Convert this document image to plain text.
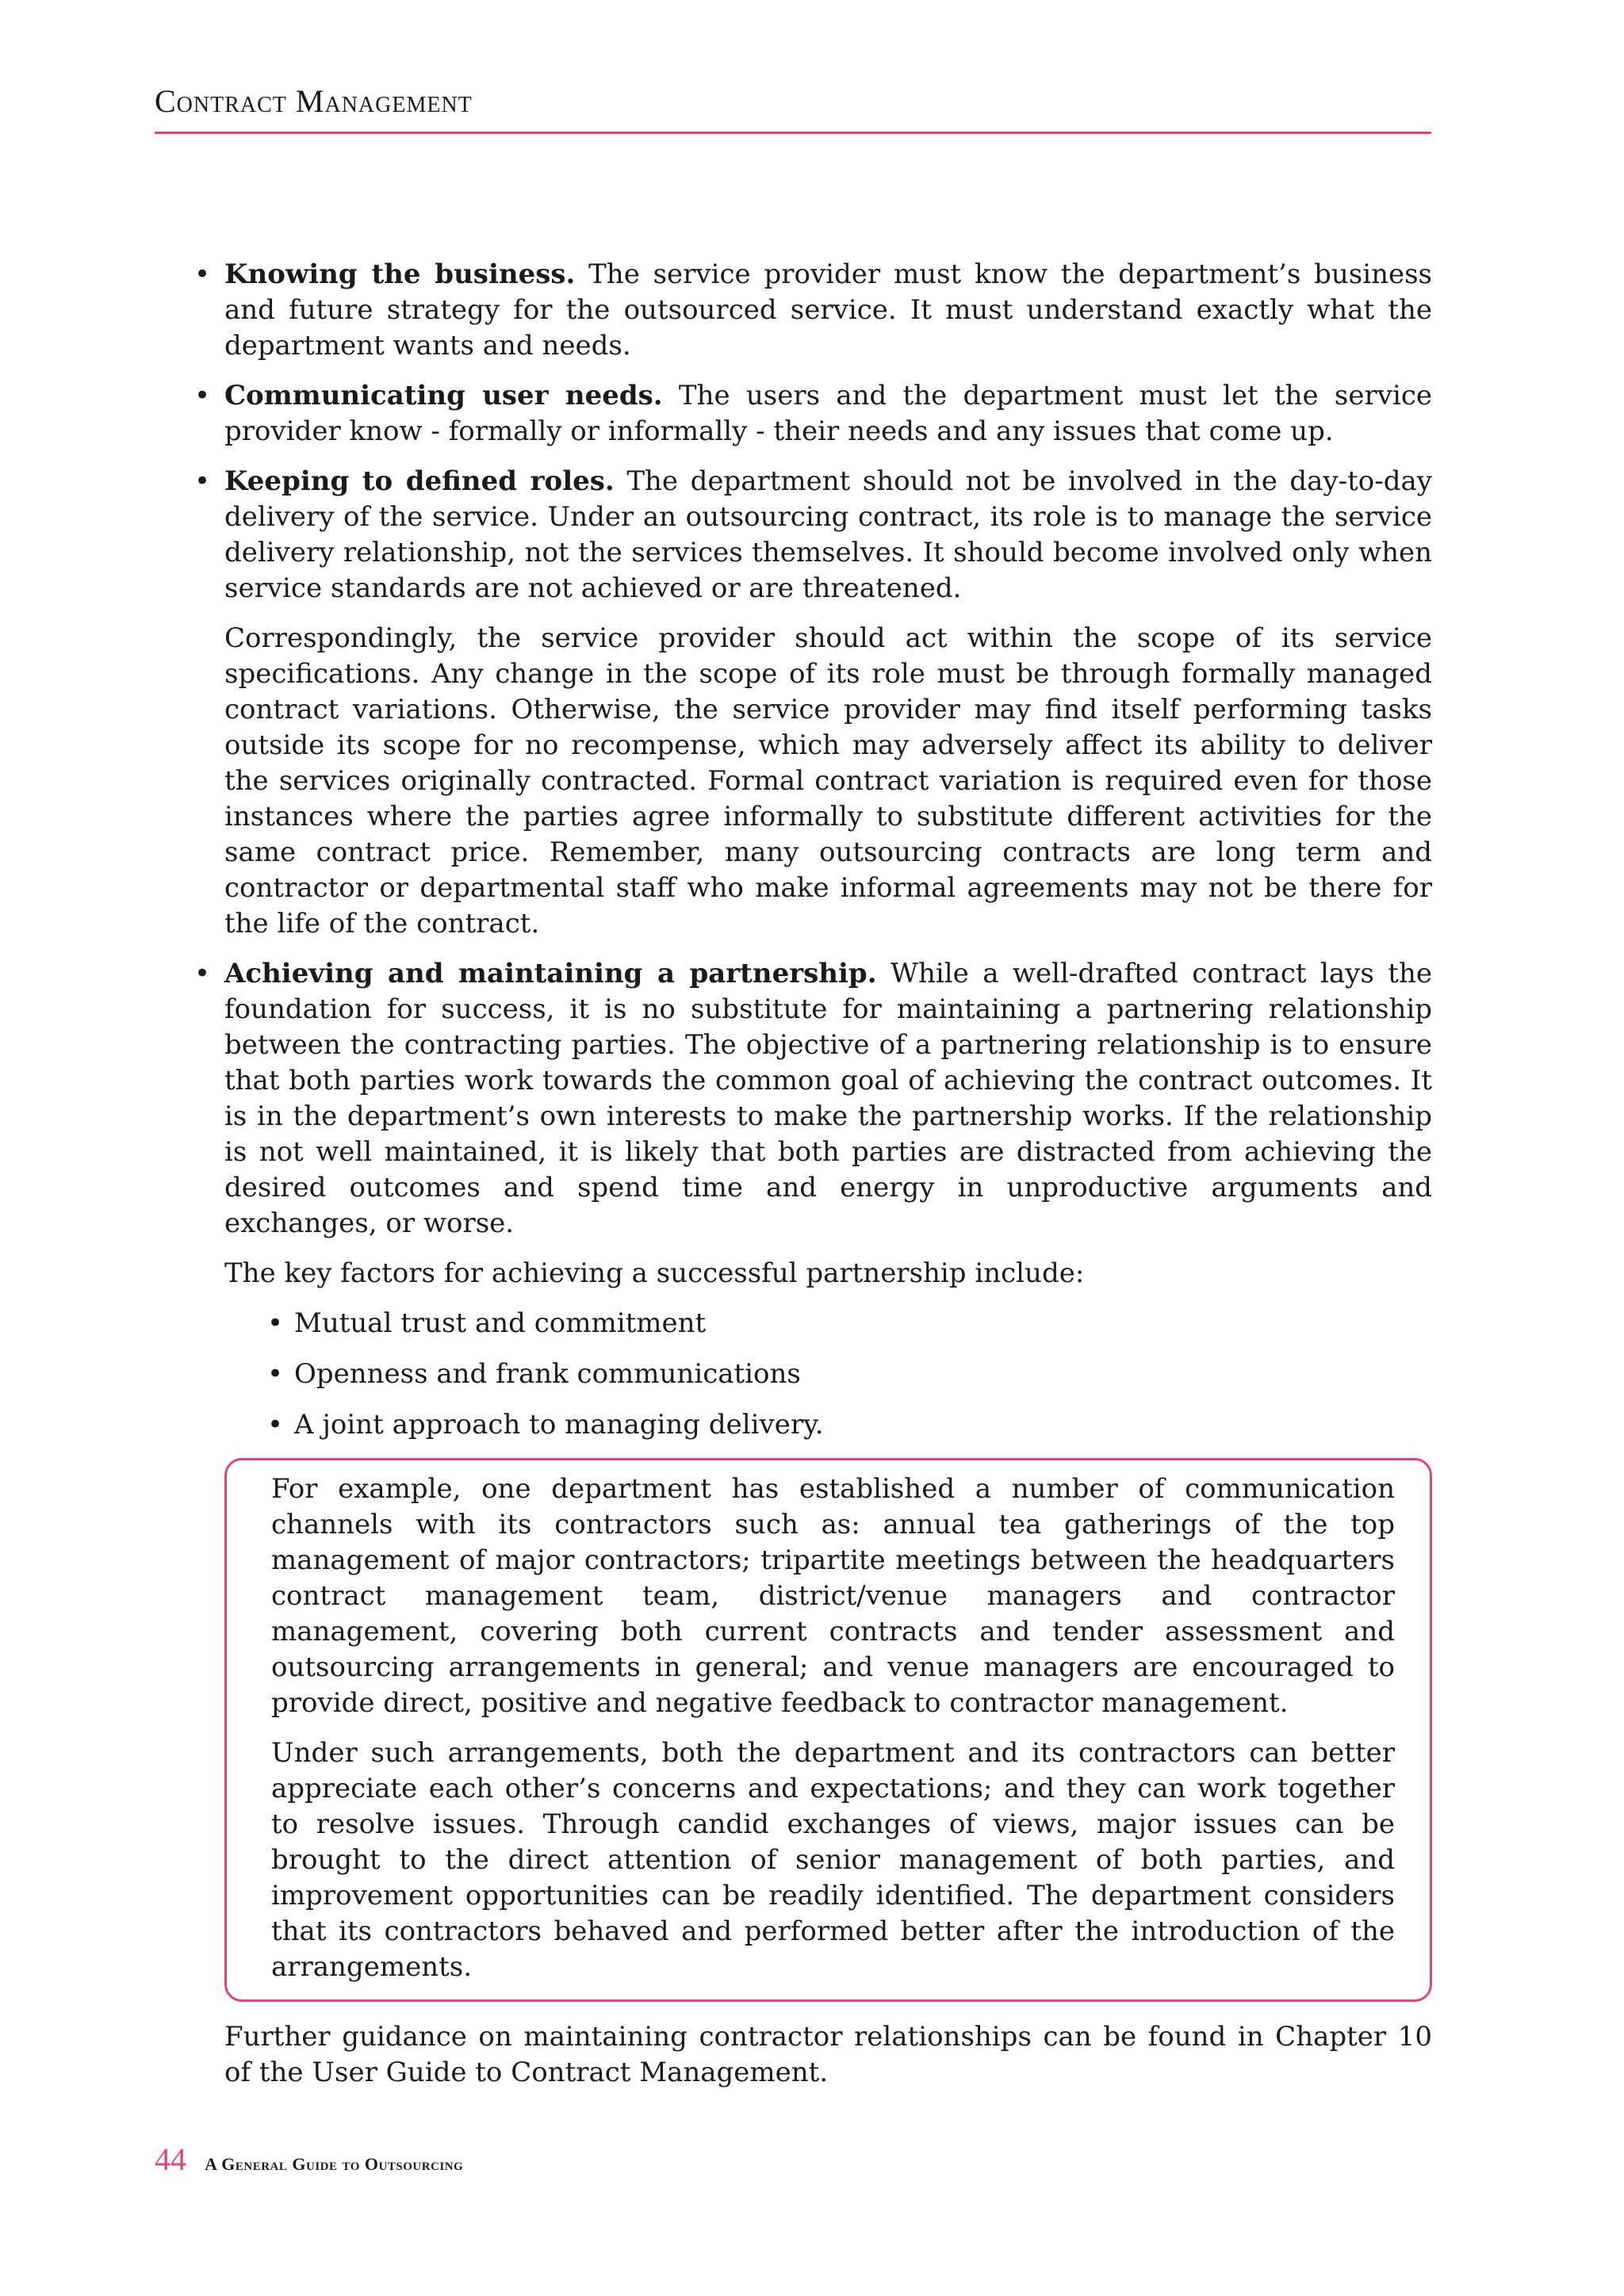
Contract Management
• Knowing the business. The service provider must know the department’s business and future strategy for the outsourced service. It must understand exactly what the department wants and needs.
• Communicating user needs. The users and the department must let the service provider know - formally or informally - their needs and any issues that come up.
• Keeping to defined roles. The department should not be involved in the day-to-day delivery of the service. Under an outsourcing contract, its role is to manage the service delivery relationship, not the services themselves. It should become involved only when service standards are not achieved or are threatened.

Correspondingly, the service provider should act within the scope of its service specifications. Any change in the scope of its role must be through formally managed contract variations. Otherwise, the service provider may find itself performing tasks outside its scope for no recompense, which may adversely affect its ability to deliver the services originally contracted. Formal contract variation is required even for those instances where the parties agree informally to substitute different activities for the same contract price. Remember, many outsourcing contracts are long term and contractor or departmental staff who make informal agreements may not be there for the life of the contract.

• Achieving and maintaining a partnership. While a well-drafted contract lays the foundation for success, it is no substitute for maintaining a partnering relationship between the contracting parties. The objective of a partnering relationship is to ensure that both parties work towards the common goal of achieving the contract outcomes. It is in the department’s own interests to make the partnership works. If the relationship is not well maintained, it is likely that both parties are distracted from achieving the desired outcomes and spend time and energy in unproductive arguments and exchanges, or worse.

The key factors for achieving a successful partnership include:

• Mutual trust and commitment
• Openness and frank communications
• A joint approach to managing delivery.

For example, one department has established a number of communication channels with its contractors such as: annual tea gatherings of the top management of major contractors; tripartite meetings between the headquarters contract management team, district/venue managers and contractor management, covering both current contracts and tender assessment and outsourcing arrangements in general; and venue managers are encouraged to provide direct, positive and negative feedback to contractor management.

Under such arrangements, both the department and its contractors can better appreciate each other’s concerns and expectations; and they can work together to resolve issues. Through candid exchanges of views, major issues can be brought to the direct attention of senior management of both parties, and improvement opportunities can be readily identified. The department considers that its contractors behaved and performed better after the introduction of the arrangements.

Further guidance on maintaining contractor relationships can be found in Chapter 10 of the User Guide to Contract Management.

44 A General Guide to Outsourcing
